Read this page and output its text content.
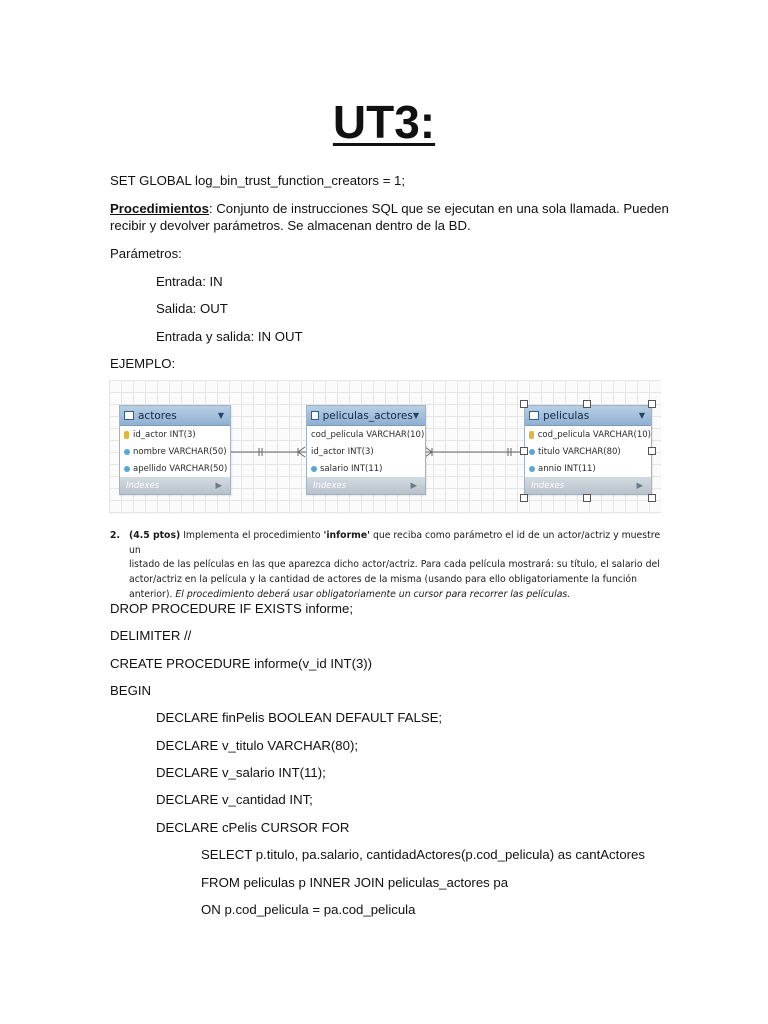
UT3:
SET GLOBAL log_bin_trust_function_creators = 1;
Procedimientos: Conjunto de instrucciones SQL que se ejecutan en una sola llamada. Pueden
recibir y devolver parámetros. Se almacenan dentro de la BD.
Parámetros:
Entrada: IN
Salida: OUT
Entrada y salida: IN OUT
EJEMPLO:
actores	▼
id_actor INT(3)
nombre VARCHAR(50)
apellido VARCHAR(50)
Indexes	▶
peliculas_actores ▼
cod_pelicula VARCHAR(10)
id_actor INT(3)
salario INT(11)
Indexes	▶
peliculas	▼
cod_pelicula VARCHAR(10)
titulo VARCHAR(80)
annio INT(11)
Indexes	▶
2. (4.5 ptos) Implementa el procedimiento 'informe' que reciba como parámetro el id de un actor/actriz y muestre un
listado de las películas en las que aparezca dicho actor/actriz. Para cada película mostrará: su título, el salario del
actor/actriz en la película y la cantidad de actores de la misma (usando para ello obligatoriamente la función
anterior). El procedimiento deberá usar obligatoriamente un cursor para recorrer las películas.
DROP PROCEDURE IF EXISTS informe;
DELIMITER //
CREATE PROCEDURE informe(v_id INT(3))
BEGIN
DECLARE finPelis BOOLEAN DEFAULT FALSE;
DECLARE v_titulo VARCHAR(80);
DECLARE v_salario INT(11);
DECLARE v_cantidad INT;
DECLARE cPelis CURSOR FOR
SELECT p.titulo, pa.salario, cantidadActores(p.cod_pelicula) as cantActores
FROM peliculas p INNER JOIN peliculas_actores pa
ON p.cod_pelicula = pa.cod_pelicula
